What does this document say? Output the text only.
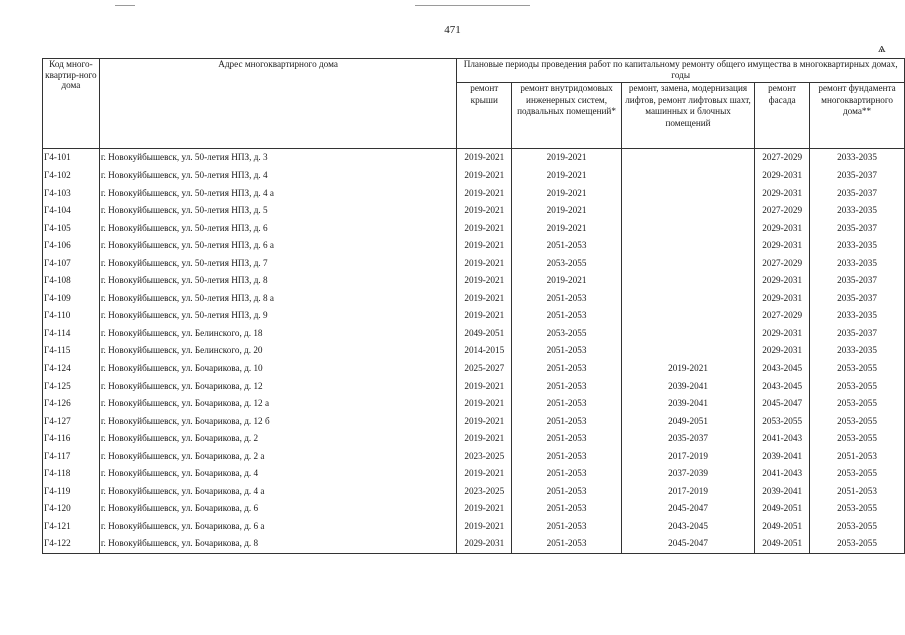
471
ѧ
Код много-квартир-ного дома	Адрес многоквартирного дома	Плановые периоды проведения работ по капитальному ремонту общего имущества в многоквартирных домах, годы				
		ремонт крыши	ремонт внутридомовых инженерных систем, подвальных помещений*	ремонт, замена, модернизация лифтов, ремонт лифтовых шахт, машинных и блочных помещений	ремонт фасада	ремонт фундамента многоквартирного дома**
Г4-101	г. Новокуйбышевск, ул. 50-летия НПЗ, д. 3	2019-2021	2019-2021		2027-2029	2033-2035
Г4-102	г. Новокуйбышевск, ул. 50-летия НПЗ, д. 4	2019-2021	2019-2021		2029-2031	2035-2037
Г4-103	г. Новокуйбышевск, ул. 50-летия НПЗ, д. 4 а	2019-2021	2019-2021		2029-2031	2035-2037
Г4-104	г. Новокуйбышевск, ул. 50-летия НПЗ, д. 5	2019-2021	2019-2021		2027-2029	2033-2035
Г4-105	г. Новокуйбышевск, ул. 50-летия НПЗ, д. 6	2019-2021	2019-2021		2029-2031	2035-2037
Г4-106	г. Новокуйбышевск, ул. 50-летия НПЗ, д. 6 а	2019-2021	2051-2053		2029-2031	2033-2035
Г4-107	г. Новокуйбышевск, ул. 50-летия НПЗ, д. 7	2019-2021	2053-2055		2027-2029	2033-2035
Г4-108	г. Новокуйбышевск, ул. 50-летия НПЗ, д. 8	2019-2021	2019-2021		2029-2031	2035-2037
Г4-109	г. Новокуйбышевск, ул. 50-летия НПЗ, д. 8 а	2019-2021	2051-2053		2029-2031	2035-2037
Г4-110	г. Новокуйбышевск, ул. 50-летия НПЗ, д. 9	2019-2021	2051-2053		2027-2029	2033-2035
Г4-114	г. Новокуйбышевск, ул. Белинского, д. 18	2049-2051	2053-2055		2029-2031	2035-2037
Г4-115	г. Новокуйбышевск, ул. Белинского, д. 20	2014-2015	2051-2053		2029-2031	2033-2035
Г4-124	г. Новокуйбышевск, ул. Бочарикова, д. 10	2025-2027	2051-2053	2019-2021	2043-2045	2053-2055
Г4-125	г. Новокуйбышевск, ул. Бочарикова, д. 12	2019-2021	2051-2053	2039-2041	2043-2045	2053-2055
Г4-126	г. Новокуйбышевск, ул. Бочарикова, д. 12 а	2019-2021	2051-2053	2039-2041	2045-2047	2053-2055
Г4-127	г. Новокуйбышевск, ул. Бочарикова, д. 12 б	2019-2021	2051-2053	2049-2051	2053-2055	2053-2055
Г4-116	г. Новокуйбышевск, ул. Бочарикова, д. 2	2019-2021	2051-2053	2035-2037	2041-2043	2053-2055
Г4-117	г. Новокуйбышевск, ул. Бочарикова, д. 2 а	2023-2025	2051-2053	2017-2019	2039-2041	2051-2053
Г4-118	г. Новокуйбышевск, ул. Бочарикова, д. 4	2019-2021	2051-2053	2037-2039	2041-2043	2053-2055
Г4-119	г. Новокуйбышевск, ул. Бочарикова, д. 4 а	2023-2025	2051-2053	2017-2019	2039-2041	2051-2053
Г4-120	г. Новокуйбышевск, ул. Бочарикова, д. 6	2019-2021	2051-2053	2045-2047	2049-2051	2053-2055
Г4-121	г. Новокуйбышевск, ул. Бочарикова, д. 6 а	2019-2021	2051-2053	2043-2045	2049-2051	2053-2055
Г4-122	г. Новокуйбышевск, ул. Бочарикова, д. 8	2029-2031	2051-2053	2045-2047	2049-2051	2053-2055
